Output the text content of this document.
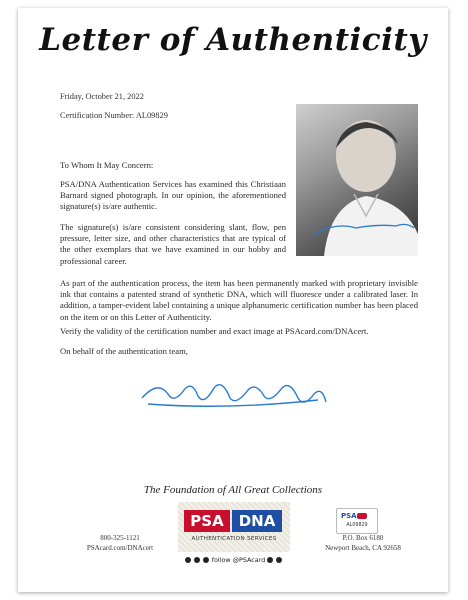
Letter of Authenticity
Friday, October 21, 2022
Certification Number: AL09829
To Whom It May Concern:
PSA/DNA Authentication Services has examined this Christiaan Barnard signed photograph. In our opinion, the aforementioned signature(s) is/are authentic.
The signature(s) is/are consistent considering slant, flow, pen pressure, letter size, and other characteristics that are typical of the other exemplars that we have examined in our hobby and professional career.
As part of the authentication process, the item has been permanently marked with proprietary invisible ink that contains a patented strand of synthetic DNA, which will fluoresce under a calibrated laser. In addition, a tamper-evident label containing a unique alphanumeric certification number has been placed on the item or on this Letter of Authenticity.
Verify the validity of the certification number and exact image at PSAcard.com/DNAcert.
On behalf of the authentication team,
The Foundation of All Great Collections
800-325-1121
PSAcard.com/DNAcert
PSA DNA
AUTHENTICATION SERVICES
follow @PSAcard
PSA
AL09829
P.O. Box 6180
Newport Beach, CA 92658
